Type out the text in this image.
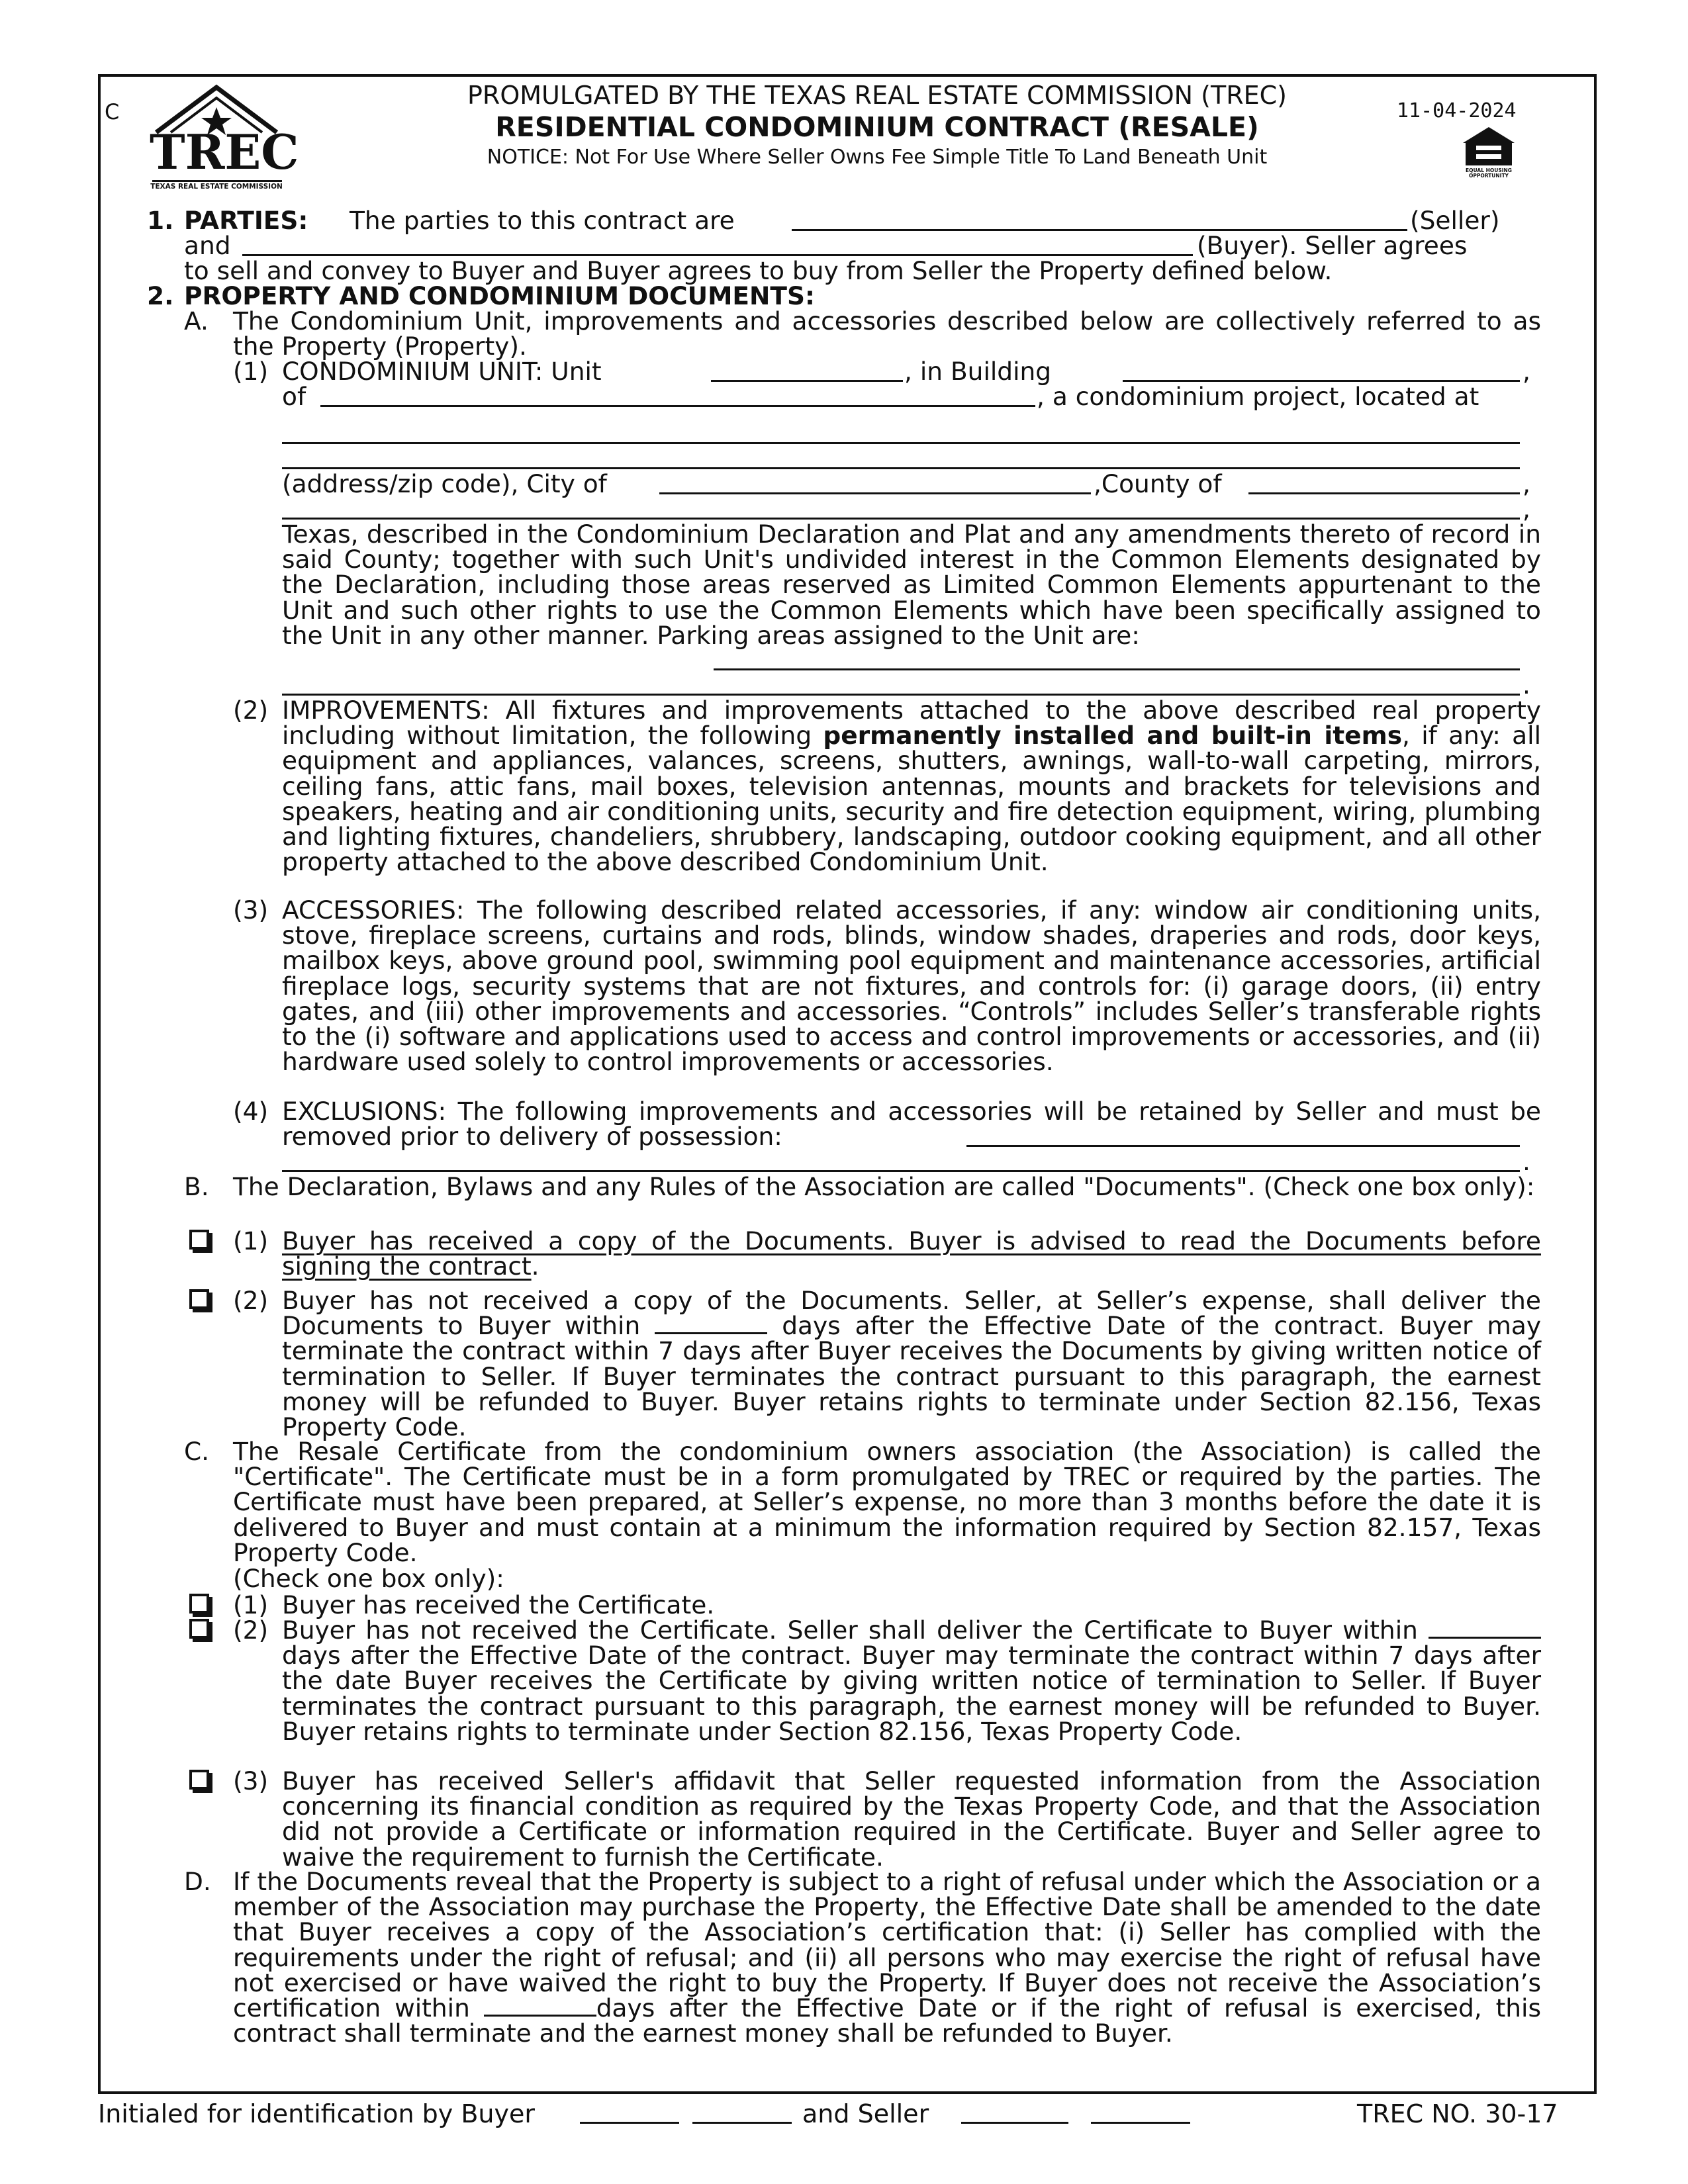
C
TREC
TEXAS REAL ESTATE COMMISSION
PROMULGATED BY THE TEXAS REAL ESTATE COMMISSION (TREC)
RESIDENTIAL CONDOMINIUM CONTRACT (RESALE)
NOTICE: Not For Use Where Seller Owns Fee Simple Title To Land Beneath Unit
11-04-2024
EQUAL HOUSING OPPORTUNITY
1. PARTIES: The parties to this contract are	(Seller)
and	(Buyer). Seller agrees
to sell and convey to Buyer and Buyer agrees to buy from Seller the Property defined below.
2. PROPERTY AND CONDOMINIUM DOCUMENTS:
A. The Condominium Unit, improvements and accessories described below are collectively referred to as the Property (Property).
(1) CONDOMINIUM UNIT: Unit	, in Building	,
of	, a condominium project, located at
(address/zip code), City of	,County of	,
,
Texas, described in the Condominium Declaration and Plat and any amendments thereto of record in said County; together with such Unit's undivided interest in the Common Elements designated by the Declaration, including those areas reserved as Limited Common Elements appurtenant to the Unit and such other rights to use the Common Elements which have been specifically assigned to the Unit in any other manner. Parking areas assigned to the Unit are:
.
(2) IMPROVEMENTS: All fixtures and improvements attached to the above described real property including without limitation, the following permanently installed and built-in items, if any: all equipment and appliances, valances, screens, shutters, awnings, wall-to-wall carpeting, mirrors, ceiling fans, attic fans, mail boxes, television antennas, mounts and brackets for televisions and speakers, heating and air conditioning units, security and fire detection equipment, wiring, plumbing and lighting fixtures, chandeliers, shrubbery, landscaping, outdoor cooking equipment, and all other property attached to the above described Condominium Unit.
(3) ACCESSORIES: The following described related accessories, if any: window air conditioning units, stove, fireplace screens, curtains and rods, blinds, window shades, draperies and rods, door keys, mailbox keys, above ground pool, swimming pool equipment and maintenance accessories, artificial fireplace logs, security systems that are not fixtures, and controls for: (i) garage doors, (ii) entry gates, and (iii) other improvements and accessories. “Controls” includes Seller’s transferable rights to the (i) software and applications used to access and control improvements or accessories, and (ii) hardware used solely to control improvements or accessories.
(4) EXCLUSIONS: The following improvements and accessories will be retained by Seller and must be removed prior to delivery of possession:
.
B. The Declaration, Bylaws and any Rules of the Association are called "Documents". (Check one box only):
(1) Buyer has received a copy of the Documents. Buyer is advised to read the Documents before signing the contract.
(2) Buyer has not received a copy of the Documents. Seller, at Seller’s expense, shall deliver the Documents to Buyer within	days after the Effective Date of the contract. Buyer may terminate the contract within 7 days after Buyer receives the Documents by giving written notice of termination to Seller. If Buyer terminates the contract pursuant to this paragraph, the earnest money will be refunded to Buyer. Buyer retains rights to terminate under Section 82.156, Texas Property Code.
C. The Resale Certificate from the condominium owners association (the Association) is called the "Certificate". The Certificate must be in a form promulgated by TREC or required by the parties. The Certificate must have been prepared, at Seller’s expense, no more than 3 months before the date it is delivered to Buyer and must contain at a minimum the information required by Section 82.157, Texas Property Code.
(Check one box only):
(1) Buyer has received the Certificate.
(2) Buyer has not received the Certificate. Seller shall deliver the Certificate to Buyer within  days after the Effective Date of the contract. Buyer may terminate the contract within 7 days after the date Buyer receives the Certificate by giving written notice of termination to Seller. If Buyer terminates the contract pursuant to this paragraph, the earnest money will be refunded to Buyer. Buyer retains rights to terminate under Section 82.156, Texas Property Code.
(3) Buyer has received Seller's affidavit that Seller requested information from the Association concerning its financial condition as required by the Texas Property Code, and that the Association did not provide a Certificate or information required in the Certificate. Buyer and Seller agree to waive the requirement to furnish the Certificate.
D. If the Documents reveal that the Property is subject to a right of refusal under which the Association or a member of the Association may purchase the Property, the Effective Date shall be amended to the date that Buyer receives a copy of the Association’s certification that: (i) Seller has complied with the requirements under the right of refusal; and (ii) all persons who may exercise the right of refusal have not exercised or have waived the right to buy the Property. If Buyer does not receive the Association’s certification within	days after the Effective Date or if the right of refusal is exercised, this contract shall terminate and the earnest money shall be refunded to Buyer.
Initialed for identification by Buyer	and Seller	TREC NO. 30-17
